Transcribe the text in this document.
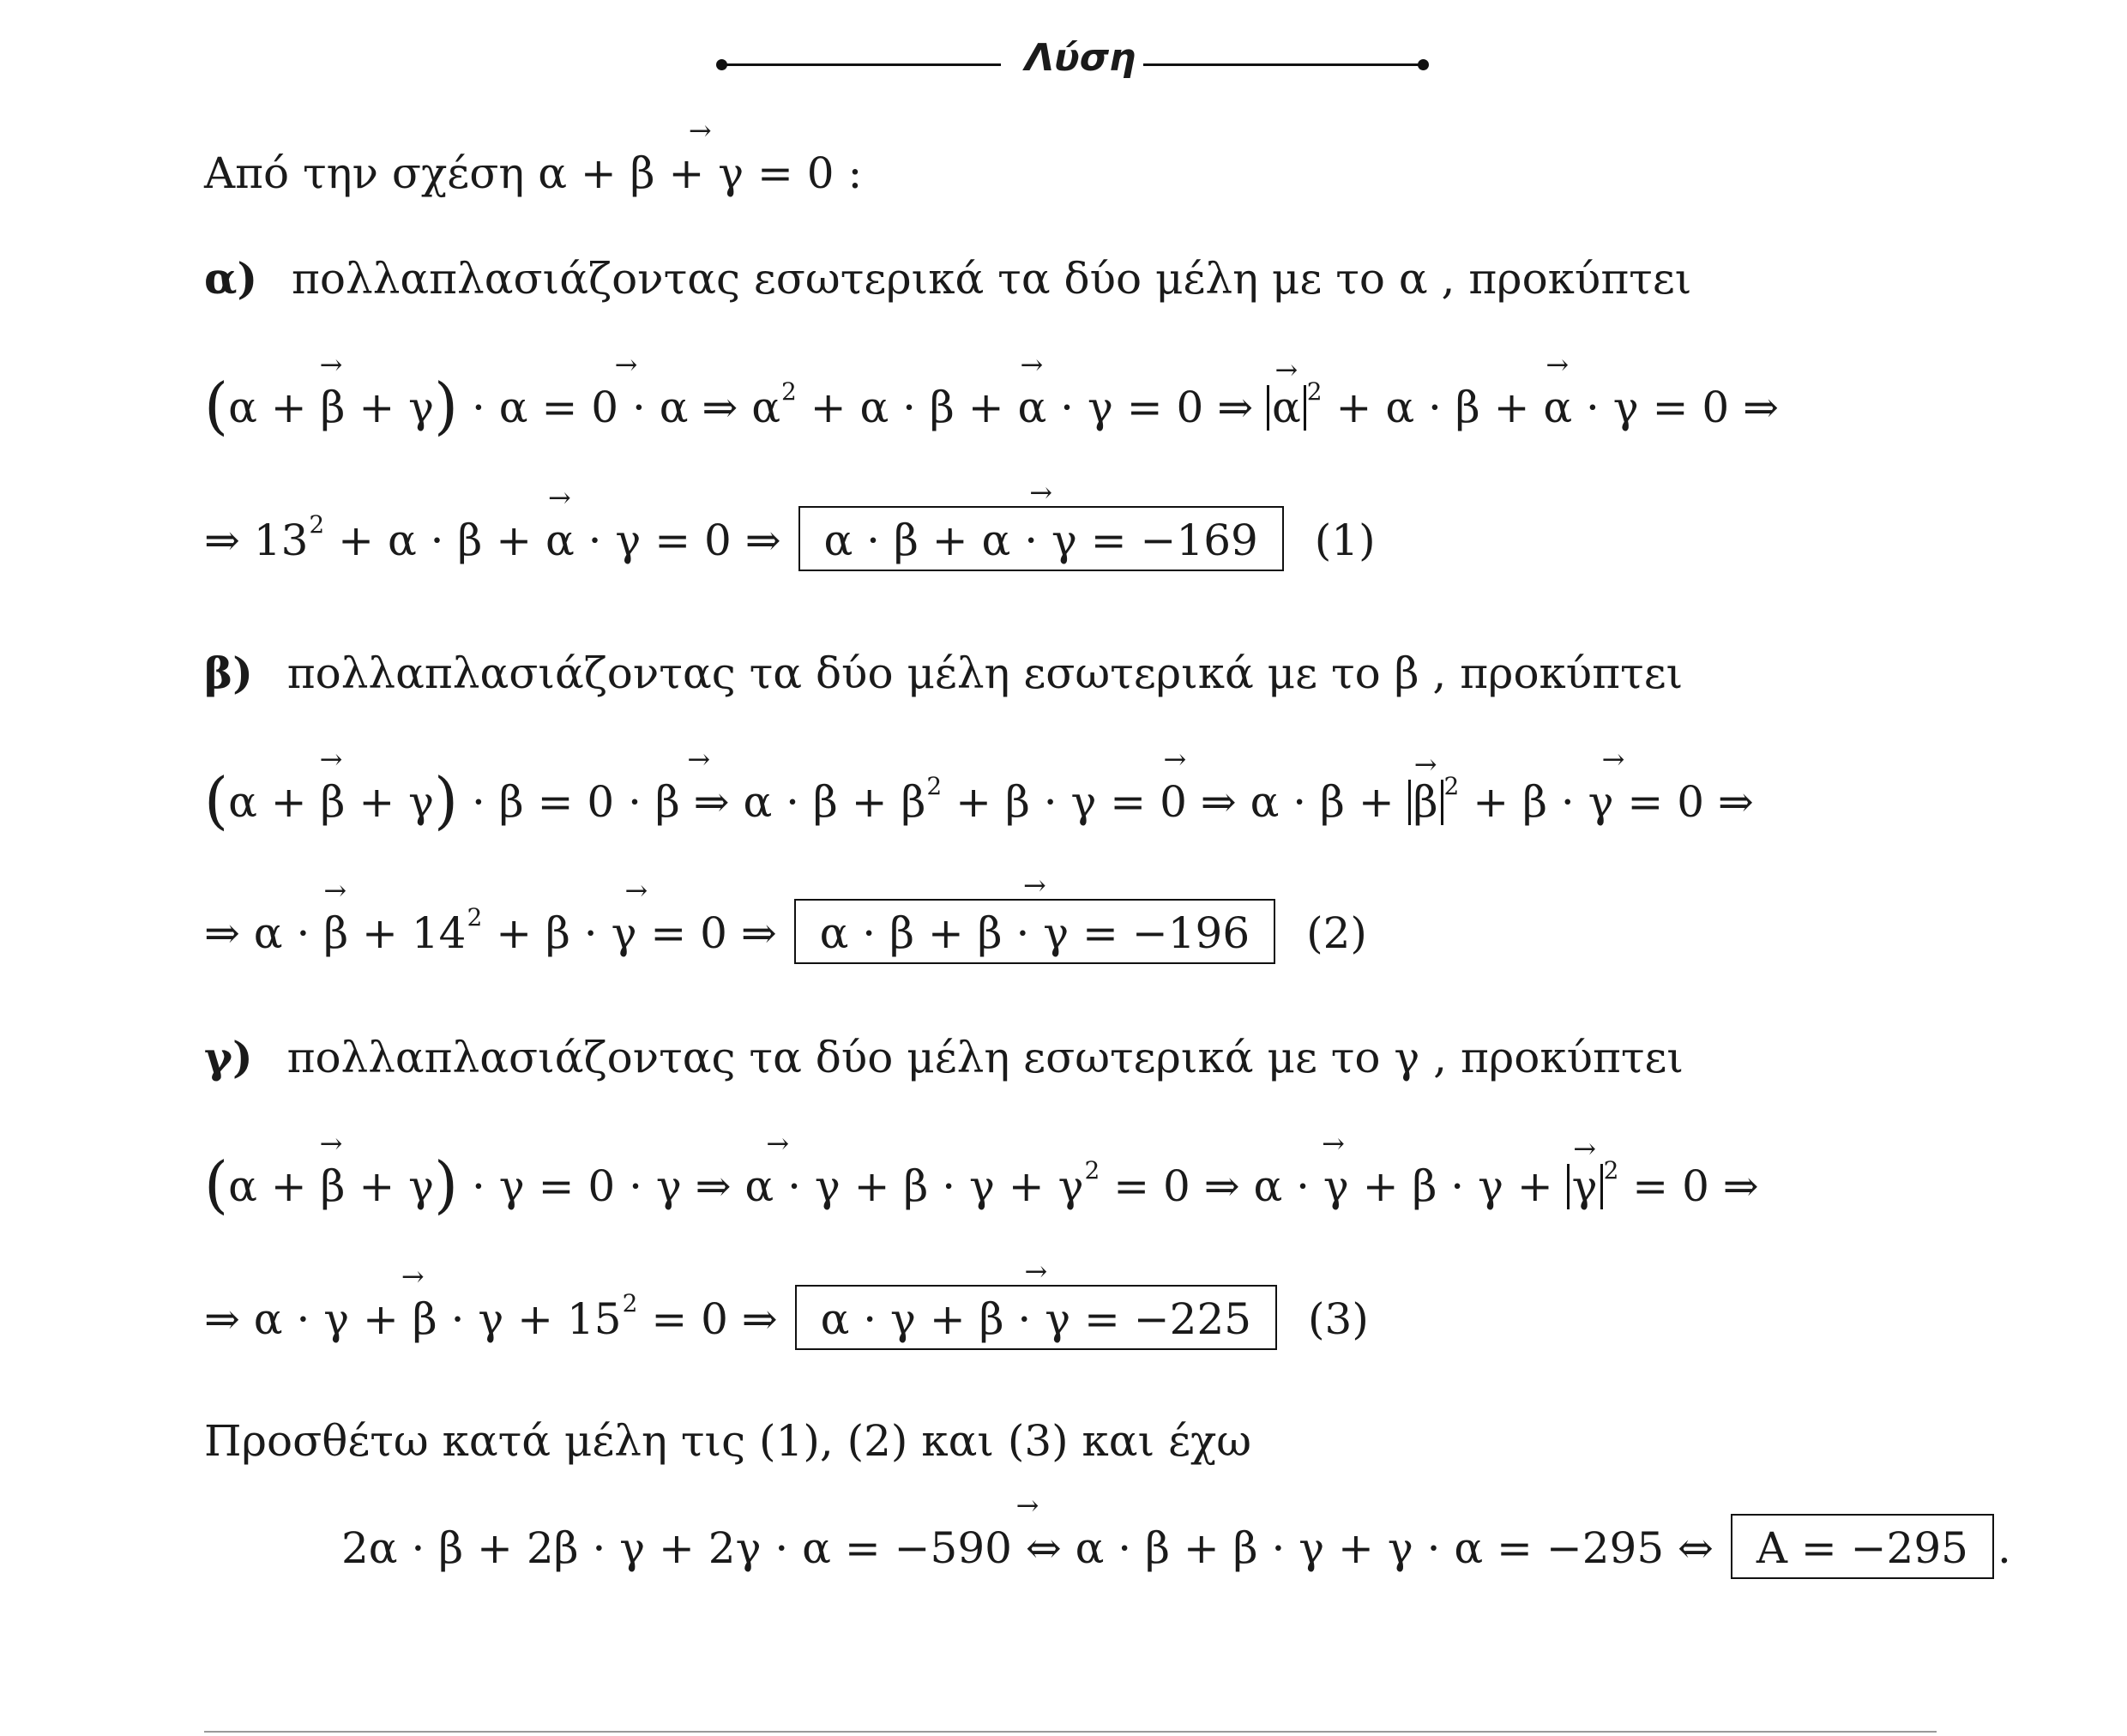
Λύση
Από την σχέση → α + β + γ = 0 :
α) πολλαπλασιάζοντας εσωτερικά τα δύο μέλη με το α , προκύπτει
(→ α + β + γ) → · α = 0 · α ⇒ $\alpha^2$ → + α · β + α · γ = 0 ⇒ → α $^2$ → + α · β + α · γ = 0 ⇒
⇒ $13^2$ → + α · β + α · γ = 0 ⇒ → α · β + α · γ = −169 (1)
β) πολλαπλασιάζοντας τα δύο μέλη εσωτερικά με το β , προκύπτει
(→ α + β + γ) → · β = 0 · β ⇒ $\alpha \cdot \beta + \beta^2$ → + β · γ = 0 ⇒ α · β + → β $^2$ → + β · γ = 0 ⇒
→ ⇒ $\alpha \cdot \beta + 14^2$ → + β · γ = 0 ⇒ → α · β + β · γ = −196 (2)
γ) πολλαπλασιάζοντας τα δύο μέλη εσωτερικά με το γ , προκύπτει
(→ α + β + γ) → · γ = 0 · γ ⇒ $\alpha \cdot \gamma + \beta \cdot \gamma + \gamma^2$ → = 0 ⇒ α · γ + β · γ + → γ $^2$ = 0 ⇒
→ ⇒ $\alpha \cdot \gamma + \beta \cdot \gamma + 15^2 = 0$ ⇒ → α · γ + β · γ = −225 (3)
Προσθέτω κατά μέλη τις (1), (2) και (3) και έχω
→ 2α · β + 2β · γ + 2γ · α = −590 ⇔ α · β + β · γ + γ · α = −295 ⇔ Α = −295 .
